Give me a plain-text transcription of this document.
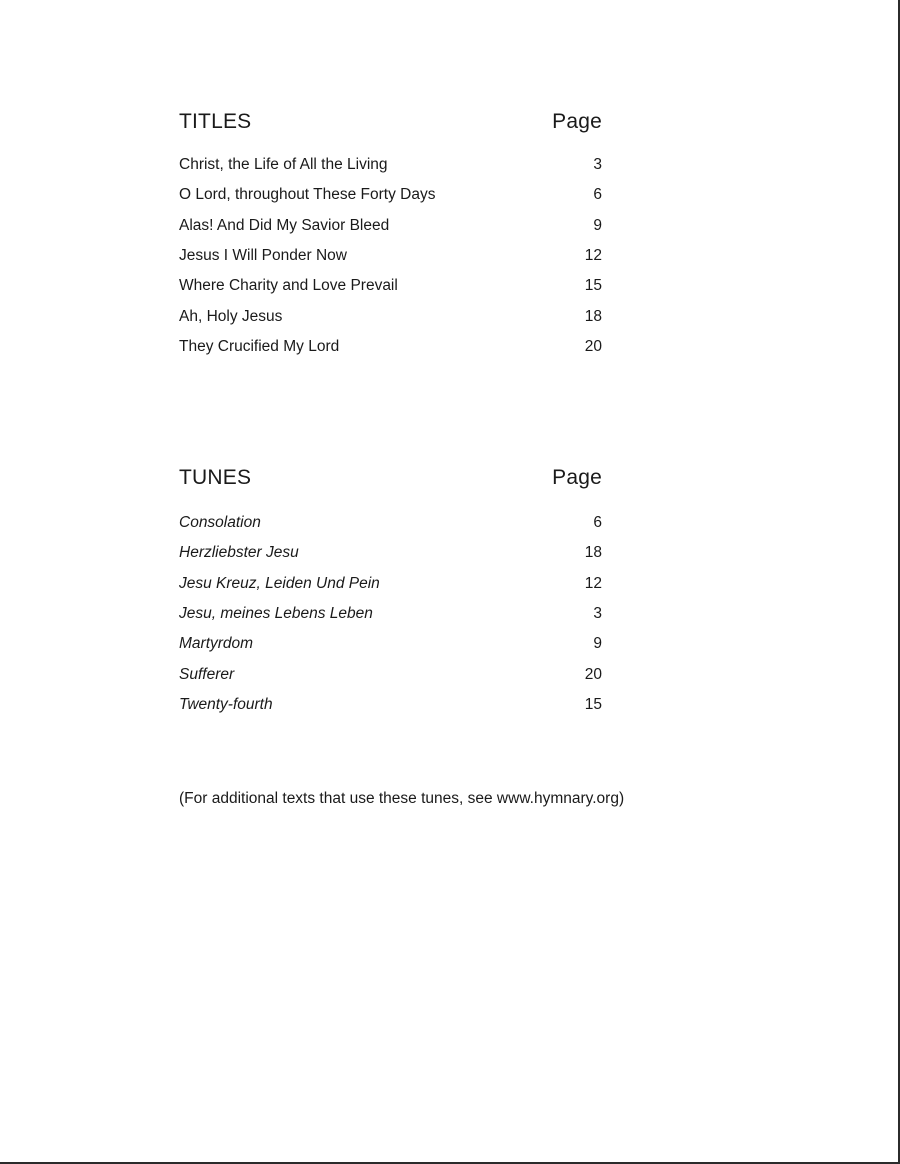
TITLES	Page
Christ, the Life of All the Living	3
O Lord, throughout These Forty Days	6
Alas! And Did My Savior Bleed	9
Jesus I Will Ponder Now	12
Where Charity and Love Prevail	15
Ah, Holy Jesus	18
They Crucified My Lord	20
TUNES	Page
Consolation	6
Herzliebster Jesu	18
Jesu Kreuz, Leiden Und Pein	12
Jesu, meines Lebens Leben	3
Martyrdom	9
Sufferer	20
Twenty-fourth	15
(For additional texts that use these tunes, see www.hymnary.org)
